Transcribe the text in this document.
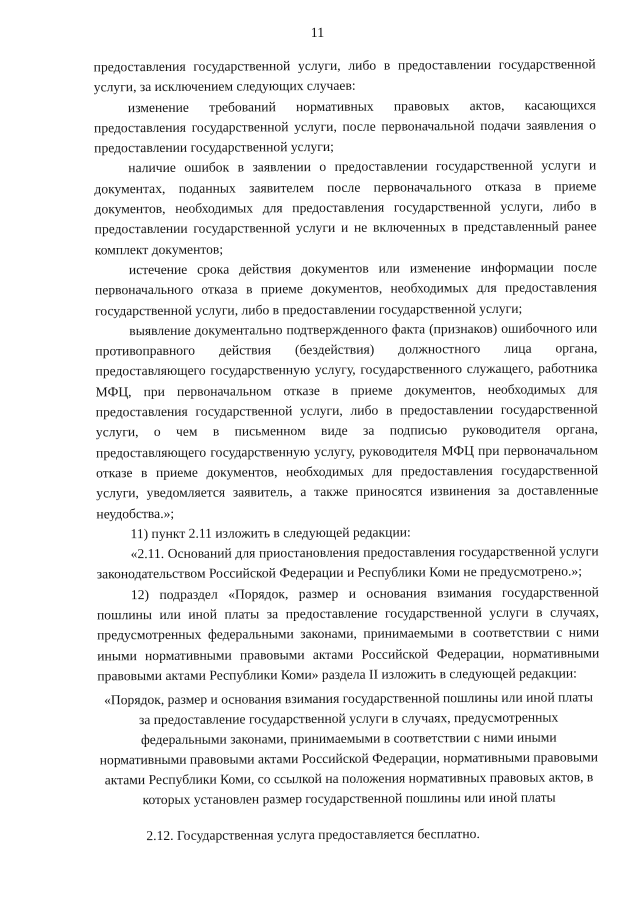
11

предоставления государственной услуги, либо в предоставлении государственной услуги, за исключением следующих случаев:

изменение требований нормативных правовых актов, касающихся предоставления государственной услуги, после первоначальной подачи заявления о предоставлении государственной услуги;

наличие ошибок в заявлении о предоставлении государственной услуги и документах, поданных заявителем после первоначального отказа в приеме документов, необходимых для предоставления государственной услуги, либо в предоставлении государственной услуги и не включенных в представленный ранее комплект документов;

истечение срока действия документов или изменение информации после первоначального отказа в приеме документов, необходимых для предоставления государственной услуги, либо в предоставлении государственной услуги;

выявление документально подтвержденного факта (признаков) ошибочного или противоправного действия (бездействия) должностного лица органа, предоставляющего государственную услугу, государственного служащего, работника МФЦ, при первоначальном отказе в приеме документов, необходимых для предоставления государственной услуги, либо в предоставлении государственной услуги, о чем в письменном виде за подписью руководителя органа, предоставляющего государственную услугу, руководителя МФЦ при первоначальном отказе в приеме документов, необходимых для предоставления государственной услуги, уведомляется заявитель, а также приносятся извинения за доставленные неудобства.»;

11) пункт 2.11 изложить в следующей редакции:

«2.11. Оснований для приостановления предоставления государственной услуги законодательством Российской Федерации и Республики Коми не предусмотрено.»;

12) подраздел «Порядок, размер и основания взимания государственной пошлины или иной платы за предоставление государственной услуги в случаях, предусмотренных федеральными законами, принимаемыми в соответствии с ними иными нормативными правовыми актами Российской Федерации, нормативными правовыми актами Республики Коми» раздела II изложить в следующей редакции:

«Порядок, размер и основания взимания государственной пошлины или иной платы за предоставление государственной услуги в случаях, предусмотренных федеральными законами, принимаемыми в соответствии с ними иными нормативными правовыми актами Российской Федерации, нормативными правовыми актами Республики Коми, со ссылкой на положения нормативных правовых актов, в которых установлен размер государственной пошлины или иной платы

2.12. Государственная услуга предоставляется бесплатно.
